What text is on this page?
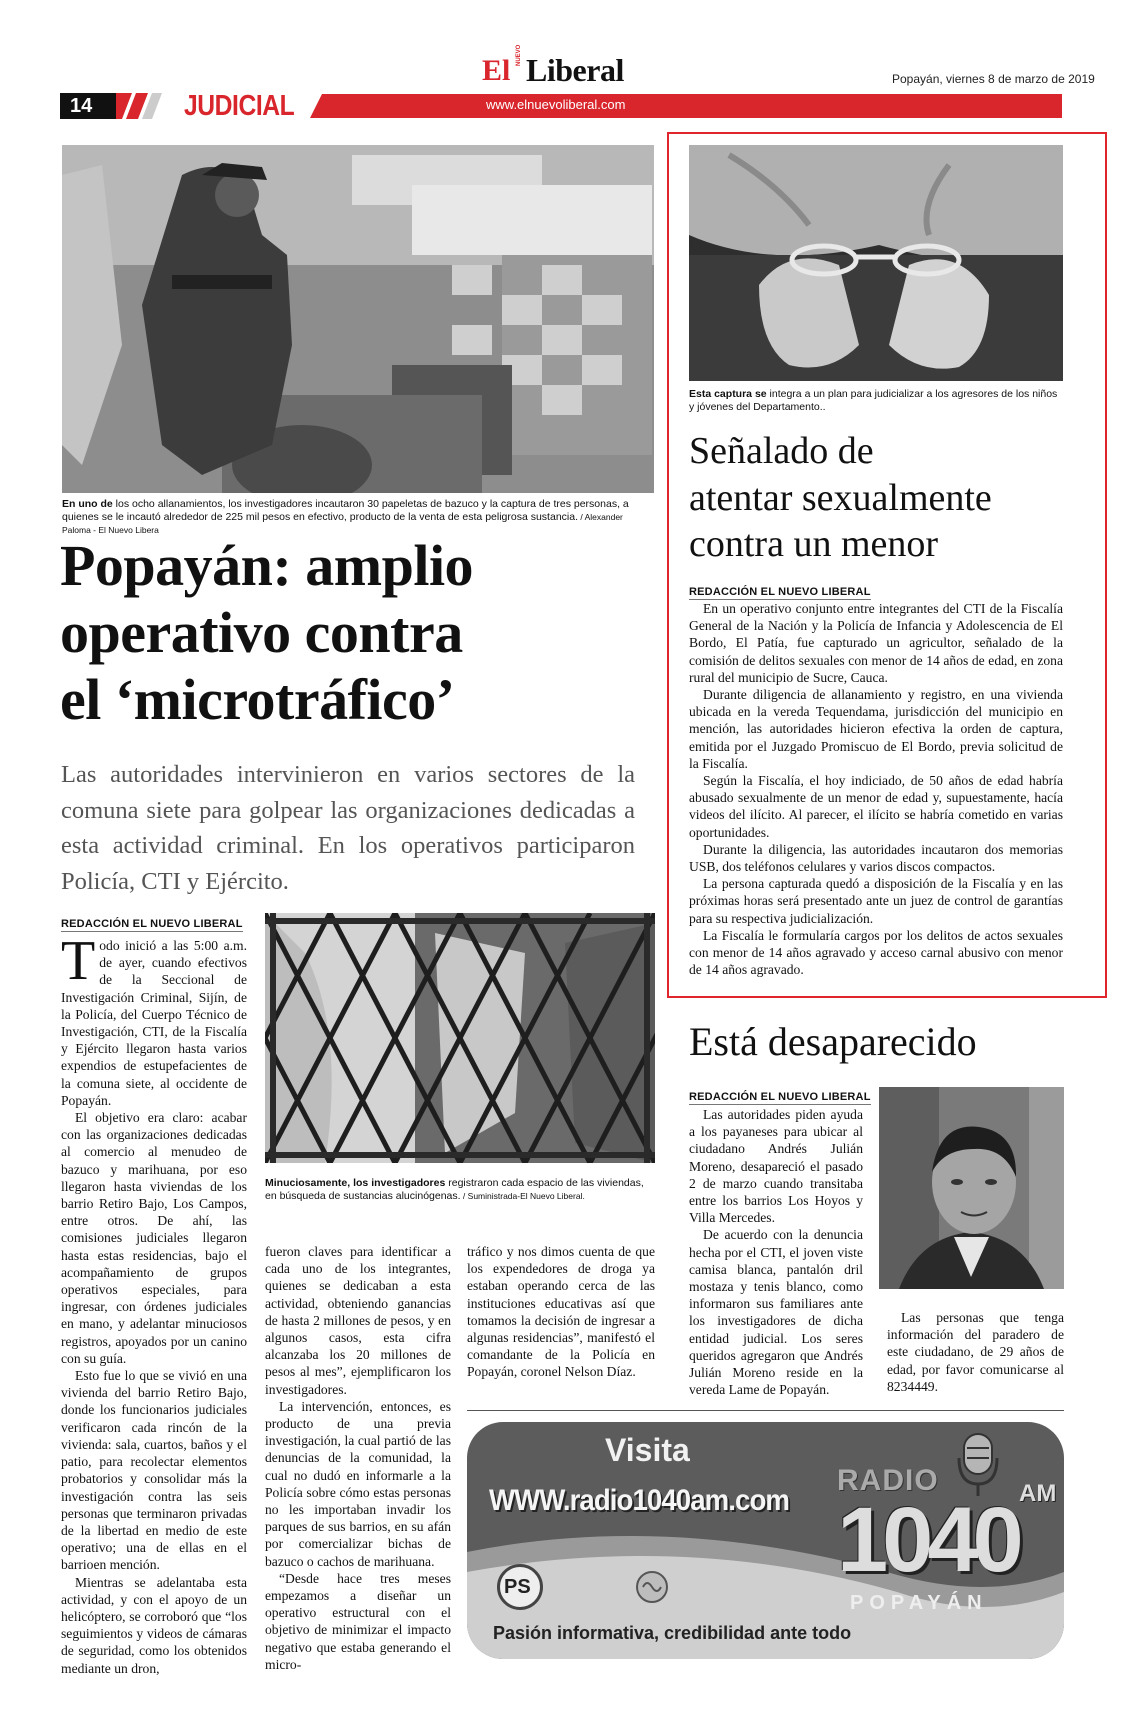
14	JUDICIAL
El NUEVO Liberal
www.elnuevoliberal.com
Popayán, viernes 8 de marzo de 2019
En uno de los ocho allanamientos, los investigadores incautaron 30 papeletas de bazuco y la captura de tres personas, a quienes se le incautó alrededor de 225 mil pesos en efectivo, producto de la venta de esta peligrosa sustancia. / Alexander Paloma - El Nuevo Libera
Popayán: amplio
operativo contra
el ‘microtráfico’
Las autoridades intervinieron en varios sectores de la comuna siete para golpear las organizaciones dedicadas a esta actividad criminal. En los operativos participaron Policía, CTI y Ejército.
REDACCIÓN EL NUEVO LIBERAL

Todo inició a las 5:00 a.m. de ayer, cuando efectivos de la Seccional de Investigación Criminal, Sijín, de la Policía, del Cuerpo Técnico de Investigación, CTI, de la Fiscalía y Ejército llegaron hasta varios expendios de estupefacientes de la comuna siete, al occidente de Popayán.

El objetivo era claro: acabar con las organizaciones dedicadas al comercio al menudeo de bazuco y marihuana, por eso llegaron hasta viviendas de los barrio Retiro Bajo, Los Campos, entre otros. De ahí, las comisiones judiciales llegaron hasta estas residencias, bajo el acompañamiento de grupos operativos especiales, para ingresar, con órdenes judiciales en mano, y adelantar minuciosos registros, apoyados por un canino con su guía.

Esto fue lo que se vivió en una vivienda del barrio Retiro Bajo, donde los funcionarios judiciales verificaron cada rincón de la vivienda: sala, cuartos, baños y el patio, para recolectar elementos probatorios y consolidar más la investigación contra las seis personas que terminaron privadas de la libertad en medio de este operativo; una de ellas en el barrioen mención.

Mientras se adelantaba esta actividad, y con el apoyo de un helicóptero, se corroboró que “los seguimientos y videos de cámaras de seguridad, como los obtenidos mediante un dron,

Minuciosamente, los investigadores registraron cada espacio de las viviendas, en búsqueda de sustancias alucinógenas. / Suministrada-El Nuevo Liberal.

fueron claves para identificar a cada uno de los integrantes, quienes se dedicaban a esta actividad, obteniendo ganancias de hasta 2 millones de pesos, y en algunos casos, esta cifra alcanzaba los 20 millones de pesos al mes”, ejemplificaron los investigadores.

La intervención, entonces, es producto de una previa investigación, la cual partió de las denuncias de la comunidad, la cual no dudó en informarle a la Policía sobre cómo estas personas no les importaban invadir los parques de sus barrios, en su afán por comercializar bichas de bazuco o cachos de marihuana.

“Desde hace tres meses empezamos a diseñar un operativo estructural con el objetivo de minimizar el impacto negativo que estaba generando el micro-

tráfico y nos dimos cuenta de que los expendedores de droga ya estaban operando cerca de las instituciones educativas así que tomamos la decisión de ingresar a algunas residencias”, manifestó el comandante de la Policía en Popayán, coronel Nelson Díaz.

Esta captura se integra a un plan para judicializar a los agresores de los niños y jóvenes del Departamento..
Señalado de
atentar sexualmente
contra un menor
REDACCIÓN EL NUEVO LIBERAL

En un operativo conjunto entre integrantes del CTI de la Fiscalía General de la Nación y la Policía de Infancia y Adolescencia de El Bordo, El Patía, fue capturado un agricultor, señalado de la comisión de delitos sexuales con menor de 14 años de edad, en zona rural del municipio de Sucre, Cauca.

Durante diligencia de allanamiento y registro, en una vivienda ubicada en la vereda Tequendama, jurisdicción del municipio en mención, las autoridades hicieron efectiva la orden de captura, emitida por el Juzgado Promiscuo de El Bordo, previa solicitud de la Fiscalía.

Según la Fiscalía, el hoy indiciado, de 50 años de edad habría abusado sexualmente de un menor de edad y, supuestamente, hacía videos del ilícito. Al parecer, el ilícito se habría cometido en varias oportunidades.

Durante la diligencia, las autoridades incautaron dos memorias USB, dos teléfonos celulares y varios discos compactos.

La persona capturada quedó a disposición de la Fiscalía y en las próximas horas será presentado ante un juez de control de garantías para su respectiva judicialización.

La Fiscalía le formularía cargos por los delitos de actos sexuales con menor de 14 años agravado y acceso carnal abusivo con menor de 14 años agravado.

Está desaparecido
REDACCIÓN EL NUEVO LIBERAL

Las autoridades piden ayuda a los payaneses para ubicar al ciudadano Andrés Julián Moreno, desapareció el pasado 2 de marzo cuando transitaba entre los barrios Los Hoyos y Villa Mercedes.

De acuerdo con la denuncia hecha por el CTI, el joven viste camisa blanca, pantalón dril mostaza y tenis blanco, como informaron sus familiares ante los investigadores de dicha entidad judicial. Los seres queridos agregaron que Andrés Julián Moreno reside en la vereda Lame de Popayán.

Las personas que tenga información del paradero de este ciudadano, de 29 años de edad, por favor comunicarse al 8234449.

Visita
WWW.radio1040am.com
RADIO
1040 AM
POPAYÁN
PS
Pasión informativa, credibilidad ante todo
